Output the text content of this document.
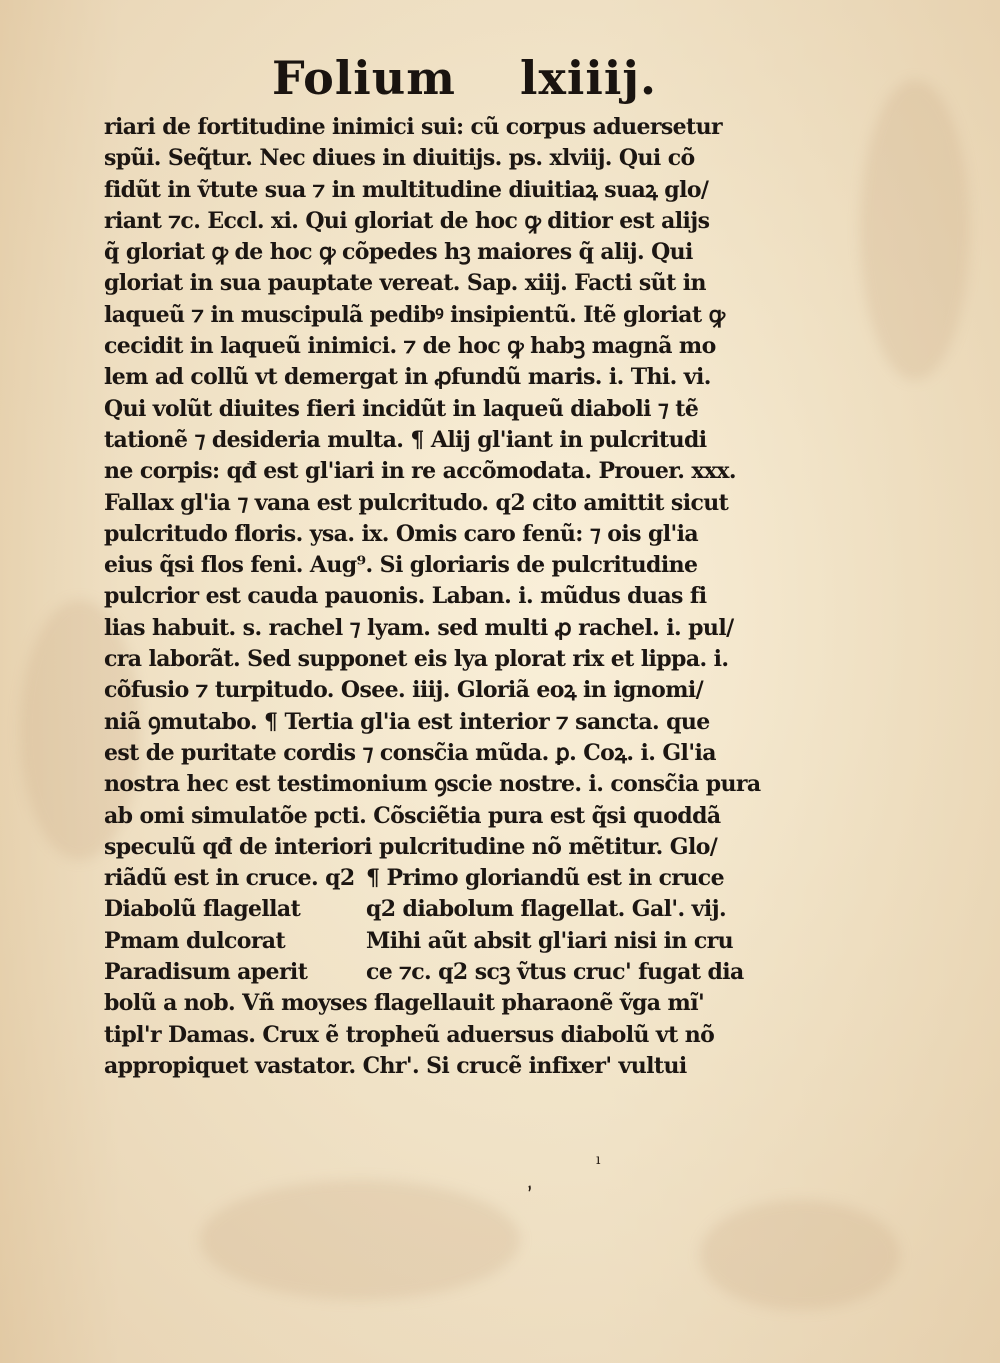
Folium lxiiij.
riari de fortitudine inimici sui: cũ corpus aduersetur
spũi. Seq̃tur. Nec diues in diuitijs. ps. xlviij. Qui cõ
fidũt in ṽtute sua ⁊ in multitudine diuitiaꝝ suaꝝ glo/
riant ⁊c. Eccl. xi. Qui gloriat de hoc ꝙ ditior est alijs
q̃ gloriat ꝙ de hoc ꝙ cõpedes hꝫ maiores q̃ alij. Qui
gloriat in sua pauptate vereat. Sap. xiij. Facti sũt in
laqueũ ⁊ in muscipulã pedibꝰ insipientũ. Itẽ gloriat ꝙ
cecidit in laqueũ inimici. ⁊ de hoc ꝙ habꝫ magnã mo
lem ad collũ vt demergat in ꝓfundũ maris. i. Thi. vi.
Qui volũt diuites fieri incidũt in laqueũ diaboli ⁊ tẽ
tationẽ ⁊ desideria multa. ¶ Alij gl'iant in pulcritudi
ne corpis: qđ est gl'iari in re accõmodata. Prouer. xxx.
Fallax gl'ia ⁊ vana est pulcritudo. q2 cito amittit sicut
pulcritudo floris. ysa. ix. Omis caro fenũ: ⁊ ois gl'ia
eius q̃si flos feni. Aug⁹. Si gloriaris de pulcritudine
pulcrior est cauda pauonis. Laban. i. mũdus duas fi
lias habuit. s. rachel ⁊ lyam. sed multi ꝓ rachel. i. pul/
cra laborãt. Sed supponet eis lya plorat rix et lippa. i.
cõfusio ⁊ turpitudo. Osee. iiij. Gloriã eoꝝ in ignomi/
niã ꝯmutabo. ¶ Tertia gl'ia est interior ⁊ sancta. que
est de puritate cordis ⁊ consc̃ia mũda. ꝑ. Coꝝ. i. Gl'ia
nostra hec est testimonium ꝯscie nostre. i. consc̃ia pura
ab omi simulatõe pcti. Cõsciẽtia pura est q̃si quoddã
speculũ qđ de interiori pulcritudine nõ mẽtitur. Glo/
riãdũ est in cruce. q2 ¶ Primo gloriandũ est in cruce
Diabolũ flagellat	q2 diabolum flagellat. Gal'. vij.
Pmam dulcorat	Mihi aũt absit gl'iari nisi in cru
Paradisum aperit	ce ⁊c. q2 scꝫ ṽtus cruc' fugat dia
bolũ a nob. Vñ moyses flagellauit pharaonẽ ṽga mĩ'
tipl'r Damas. Crux ẽ tropheũ aduersus diabolũ vt nõ
appropiquet vastator. Chr'. Si crucẽ infixer' vultui
ı
ʼ
